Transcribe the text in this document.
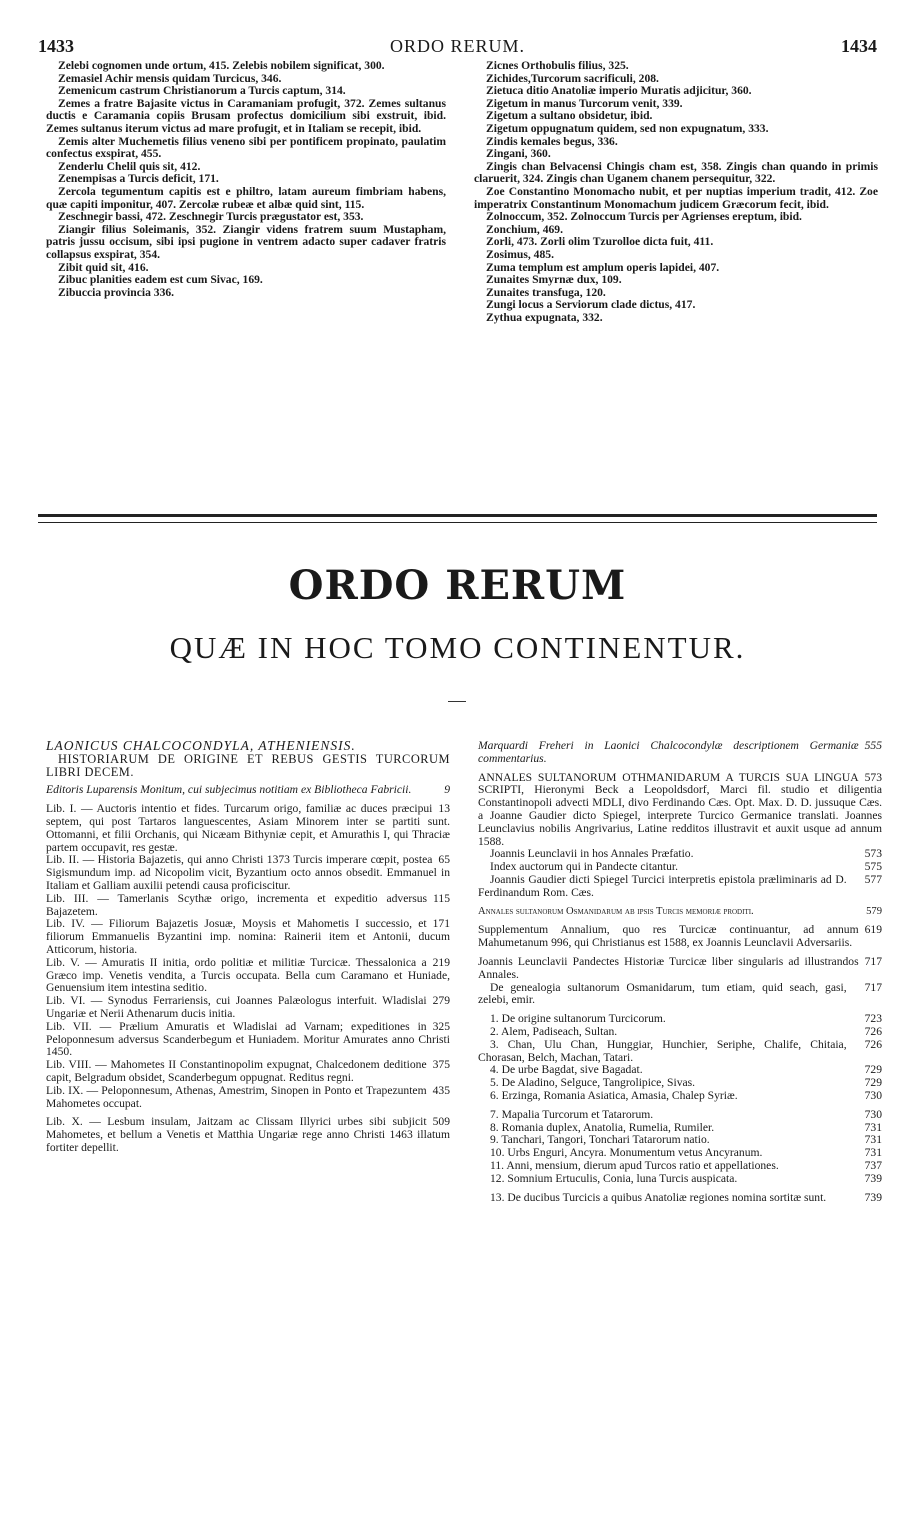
1433	ORDO RERUM.	1434

Zelebi cognomen unde ortum, 415. Zelebis nobilem significat, 300.

Zemasiel Achir mensis quidam Turcicus, 346.

Zemenicum castrum Christianorum a Turcis captum, 314.

Zemes a fratre Bajasite victus in Caramaniam profugit, 372. Zemes sultanus ductis e Caramania copiis Brusam profectus domicilium sibi exstruit, ibid. Zemes sultanus iterum victus ad mare profugit, et in Italiam se recepit, ibid.

Zemis alter Muchemetis filius veneno sibi per pontificem propinato, paulatim confectus exspirat, 455.

Zenderlu Chelil quis sit, 412.

Zenempisas a Turcis deficit, 171.

Zercola tegumentum capitis est e philtro, latam aureum fimbriam habens, quæ capiti imponitur, 407. Zercolæ rubeæ et albæ quid sint, 115.

Zeschnegir bassi, 472. Zeschnegir Turcis prægustator est, 353.

Ziangir filius Soleimanis, 352. Ziangir videns fratrem suum Mustapham, patris jussu occisum, sibi ipsi pugione in ventrem adacto super cadaver fratris collapsus exspirat, 354.

Zibit quid sit, 416.

Zibuc planities eadem est cum Sivac, 169.

Zibuccia provincia 336.

Zicnes Orthobulis filius, 325.

Zichides,Turcorum sacrificuli, 208.

Zietuca ditio Anatoliæ imperio Muratis adjicitur, 360.

Zigetum in manus Turcorum venit, 339.

Zigetum a sultano obsidetur, ibid.

Zigetum oppugnatum quidem, sed non expugnatum, 333.

Zindis kemales begus, 336.

Zingani, 360.

Zingis chan Belvacensi Chingis cham est, 358. Zingis chan quando in primis claruerit, 324. Zingis chan Uganem chanem persequitur, 322.

Zoe Constantino Monomacho nubit, et per nuptias imperium tradit, 412. Zoe imperatrix Constantinum Monomachum judicem Græcorum fecit, ibid.

Zolnoccum, 352. Zolnoccum Turcis per Agrienses ereptum, ibid.

Zonchium, 469.

Zorli, 473. Zorli olim Tzurolloe dicta fuit, 411.

Zosimus, 485.

Zuma templum est amplum operis lapidei, 407.

Zunaites Smyrnæ dux, 109.

Zunaites transfuga, 120.

Zungi locus a Serviorum clade dictus, 417.

Zythua expugnata, 332.

ORDO RERUM
QUÆ IN HOC TOMO CONTINENTUR.

LAONICUS CHALCOCONDYLA, ATHENIENSIS.

HISTORIARUM DE ORIGINE ET REBUS GESTIS TURCORUM LIBRI DECEM.

9
Editoris Luparensis Monitum, cui subjecimus notitiam ex Bibliotheca Fabricii.

13
Lib. I. — Auctoris intentio et fides. Turcarum origo, familiæ ac duces præcipui septem, qui post Tartaros languescentes, Asiam Minorem inter se partiti sunt. Ottomanni, et filii Orchanis, qui Nicæam Bithyniæ cepit, et Amurathis I, qui Thraciæ partem occupavit, res gestæ.

65
Lib. II. — Historia Bajazetis, qui anno Christi 1373 Turcis imperare cœpit, postea Sigismundum imp. ad Nicopolim vicit, Byzantium octo annos obsedit. Emmanuel in Italiam et Galliam auxilii petendi causa proficiscitur.

115
Lib. III. — Tamerlanis Scythæ origo, incrementa et expeditio adversus Bajazetem.

171
Lib. IV. — Filiorum Bajazetis Josuæ, Moysis et Mahometis I successio, et filiorum Emmanuelis Byzantini imp. nomina: Rainerii item et Antonii, ducum Atticorum, historia.

219
Lib. V. — Amuratis II initia, ordo politiæ et militiæ Turcicæ. Thessalonica a Græco imp. Venetis vendita, a Turcis occupata. Bella cum Caramano et Huniade, Genuensium item intestina seditio.

279
Lib. VI. — Synodus Ferrariensis, cui Joannes Palæologus interfuit. Wladislai Ungariæ et Nerii Athenarum ducis initia.

325
Lib. VII. — Prælium Amuratis et Wladislai ad Varnam; expeditiones in Peloponnesum adversus Scanderbegum et Huniadem. Moritur Amurates anno Christi 1450.

375
Lib. VIII. — Mahometes II Constantinopolim expugnat, Chalcedonem deditione capit, Belgradum obsidet, Scanderbegum oppugnat. Reditus regni.

435
Lib. IX. — Peloponnesum, Athenas, Amestrim, Sinopen in Ponto et Trapezuntem Mahometes occupat.

509
Lib. X. — Lesbum insulam, Jaitzam ac Clissam Illyrici urbes sibi subjicit Mahometes, et bellum a Venetis et Matthia Ungariæ rege anno Christi 1463 illatum fortiter depellit.

555
Marquardi Freheri in Laonici Chalcocondylæ descriptionem Germaniæ commentarius.

573
ANNALES SULTANORUM OTHMANIDARUM A TURCIS SUA LINGUA SCRIPTI, Hieronymi Beck a Leopoldsdorf, Marci fil. studio et diligentia Constantinopoli advecti MDLI, divo Ferdinando Cæs. Opt. Max. D. D. jussuque Cæs. a Joanne Gaudier dicto Spiegel, interprete Turcico Germanice translati. Joannes Leunclavius nobilis Angrivarius, Latine redditos illustravit et auxit usque ad annum 1588.

573
Joannis Leunclavii in hos Annales Præfatio.

575
Index auctorum qui in Pandecte citantur.

577
Joannis Gaudier dicti Spiegel Turcici interpretis epistola præliminaris ad D. Ferdinandum Rom. Cæs.

579
Annales sultanorum Osmanidarum ab ipsis Turcis memoriæ proditi.

619
Supplementum Annalium, quo res Turcicæ continuantur, ad annum Mahumetanum 996, qui Christianus est 1588, ex Joannis Leunclavii Adversariis.

717
Joannis Leunclavii Pandectes Historiæ Turcicæ liber singularis ad illustrandos Annales.

717
De genealogia sultanorum Osmanidarum, tum etiam, quid seach, gasi, zelebi, emir.

723
1. De origine sultanorum Turcicorum.

726
2. Alem, Padiseach, Sultan.

726
3. Chan, Ulu Chan, Hunggiar, Hunchier, Seriphe, Chalife, Chitaia, Chorasan, Belch, Machan, Tatari.

729
4. De urbe Bagdat, sive Bagadat.

729
5. De Aladino, Selguce, Tangrolipice, Sivas.

730
6. Erzinga, Romania Asiatica, Amasia, Chalep Syriæ.

730
7. Mapalia Turcorum et Tatarorum.

731
8. Romania duplex, Anatolia, Rumelia, Rumiler.

731
9. Tanchari, Tangori, Tonchari Tatarorum natio.

731
10. Urbs Enguri, Ancyra. Monumentum vetus Ancyranum.

737
11. Anni, mensium, dierum apud Turcos ratio et appellationes.

739
12. Somnium Ertuculis, Conia, luna Turcis auspicata.

739
13. De ducibus Turcicis a quibus Anatoliæ regiones nomina sortitæ sunt.
